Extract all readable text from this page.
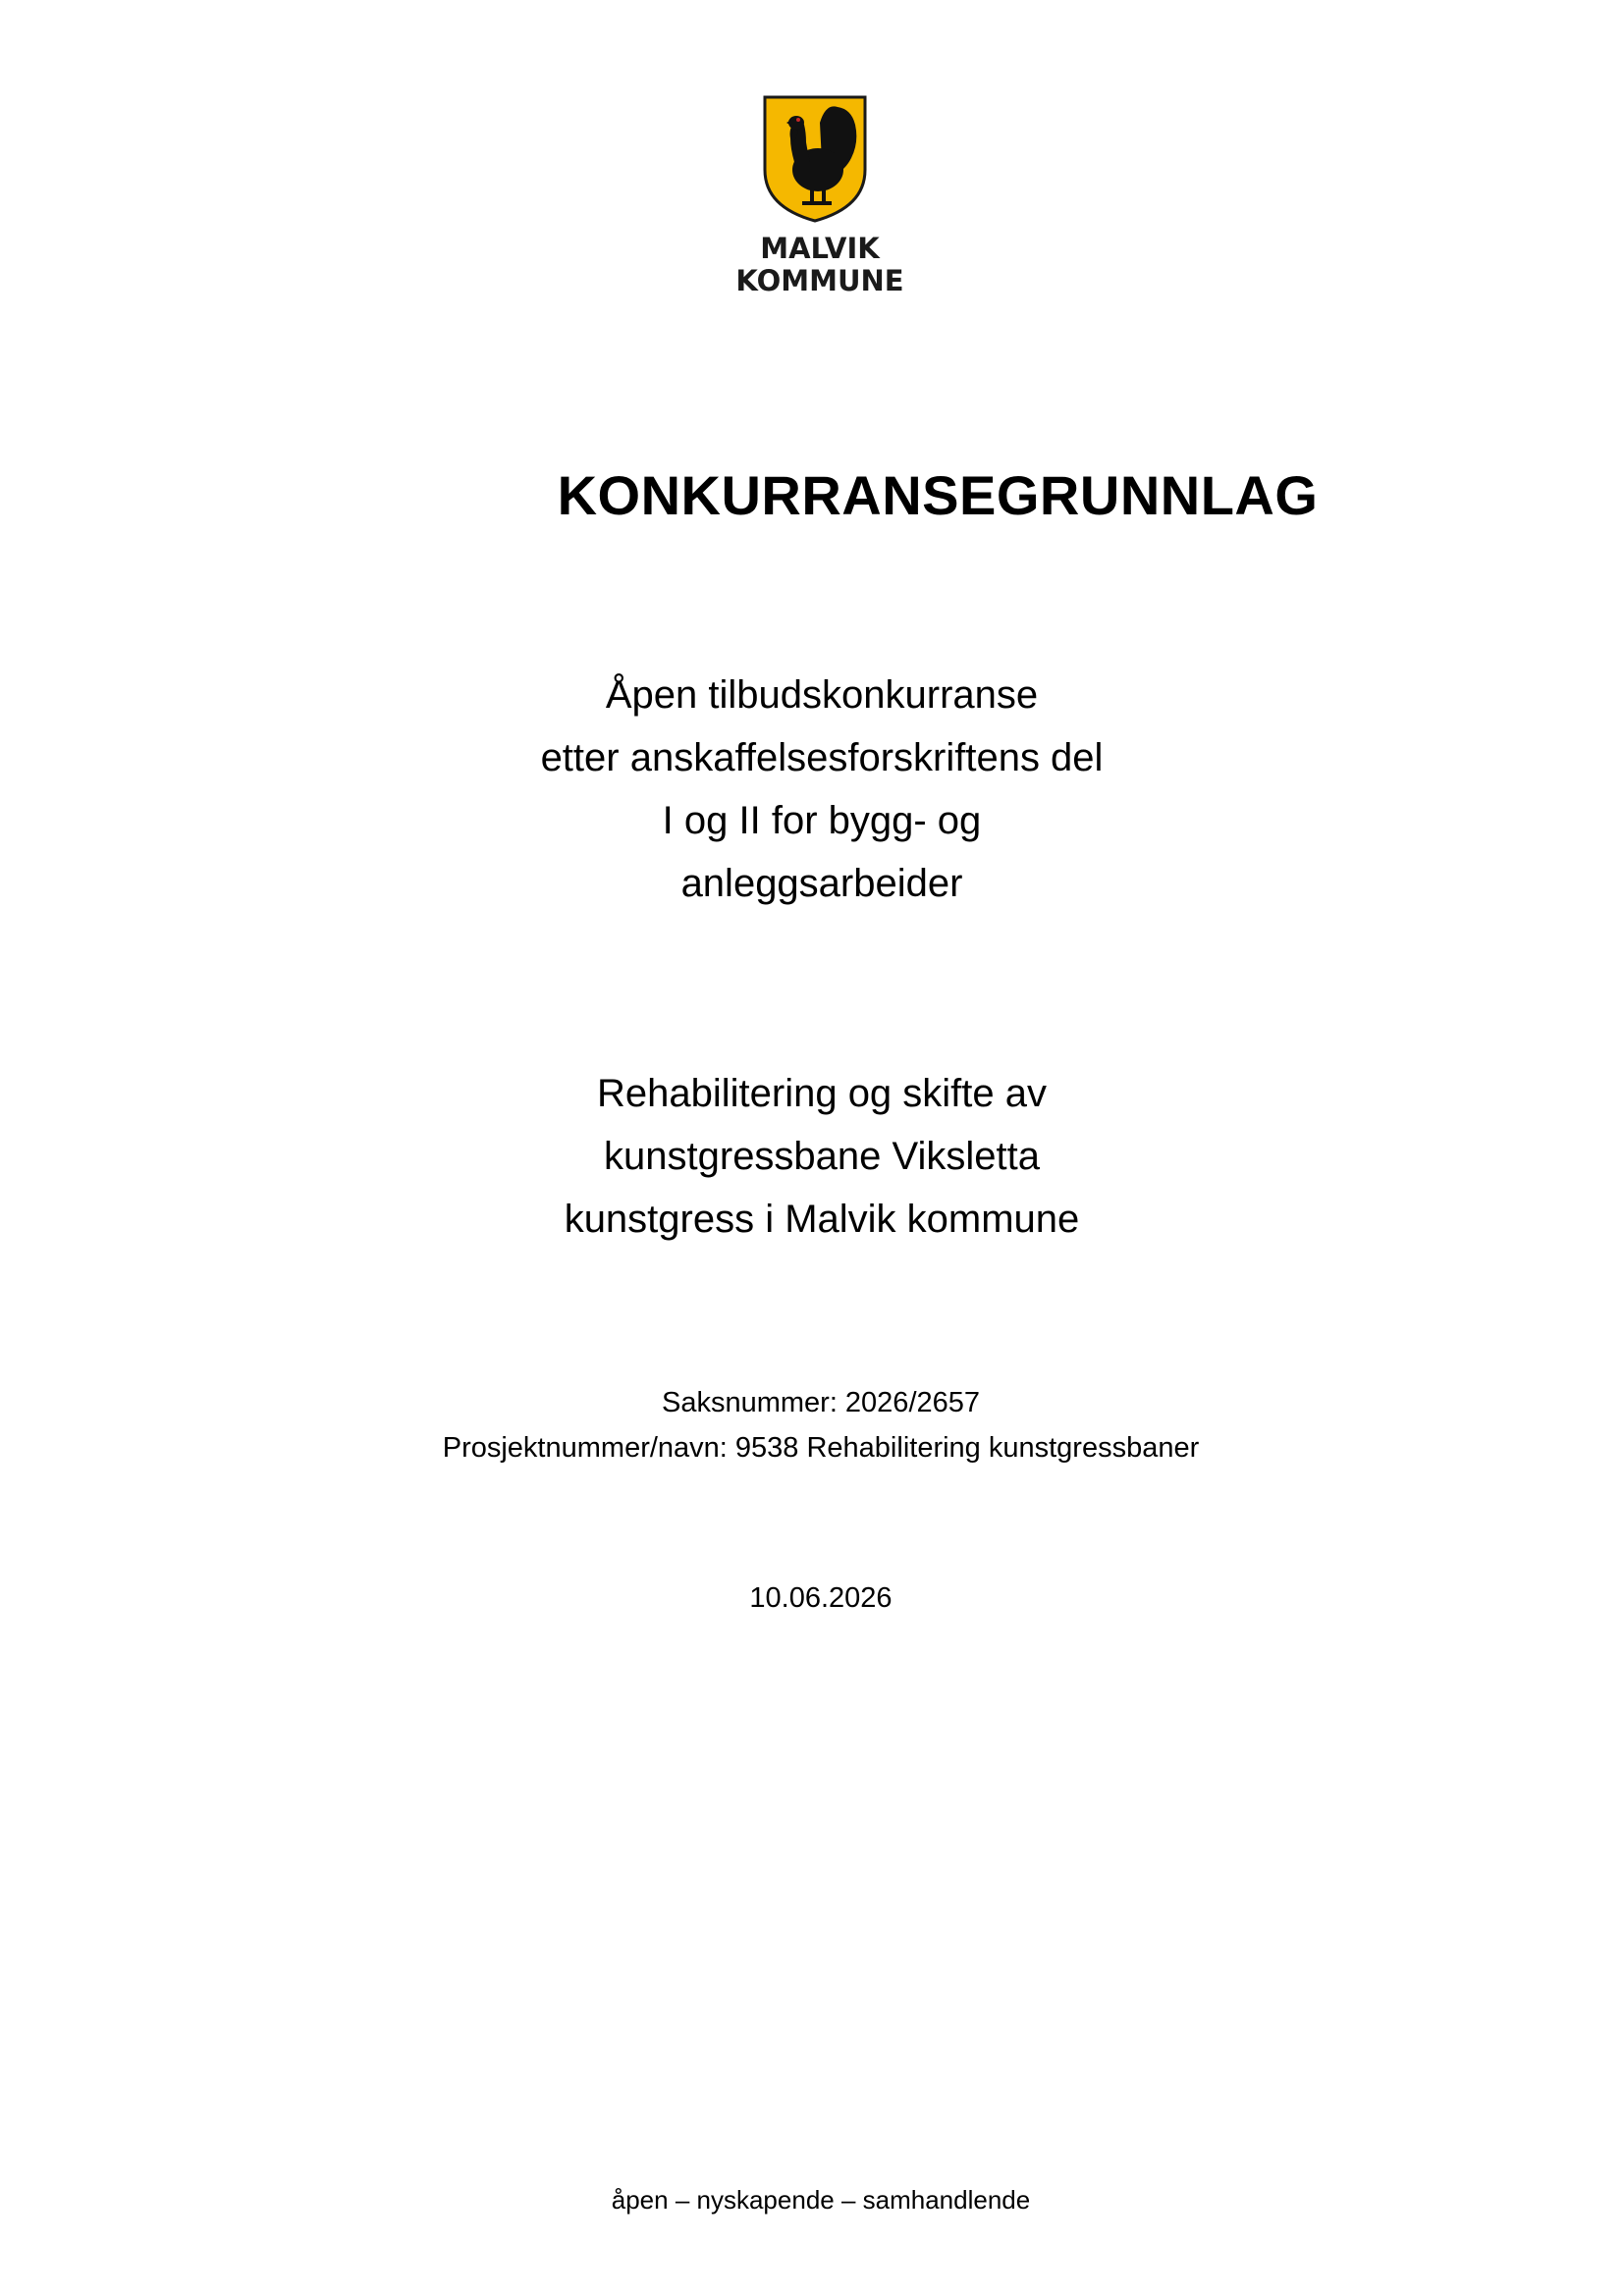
MALVIK
KOMMUNE
KONKURRANSEGRUNNLAG
Åpen tilbudskonkurranse
etter anskaffelsesforskriftens del
I og II for bygg- og
anleggsarbeider
Rehabilitering og skifte av
kunstgressbane Viksletta
kunstgress i Malvik kommune
Saksnummer: 2026/2657
Prosjektnummer/navn: 9538 Rehabilitering kunstgressbaner
10.06.2026
åpen – nyskapende – samhandlende
